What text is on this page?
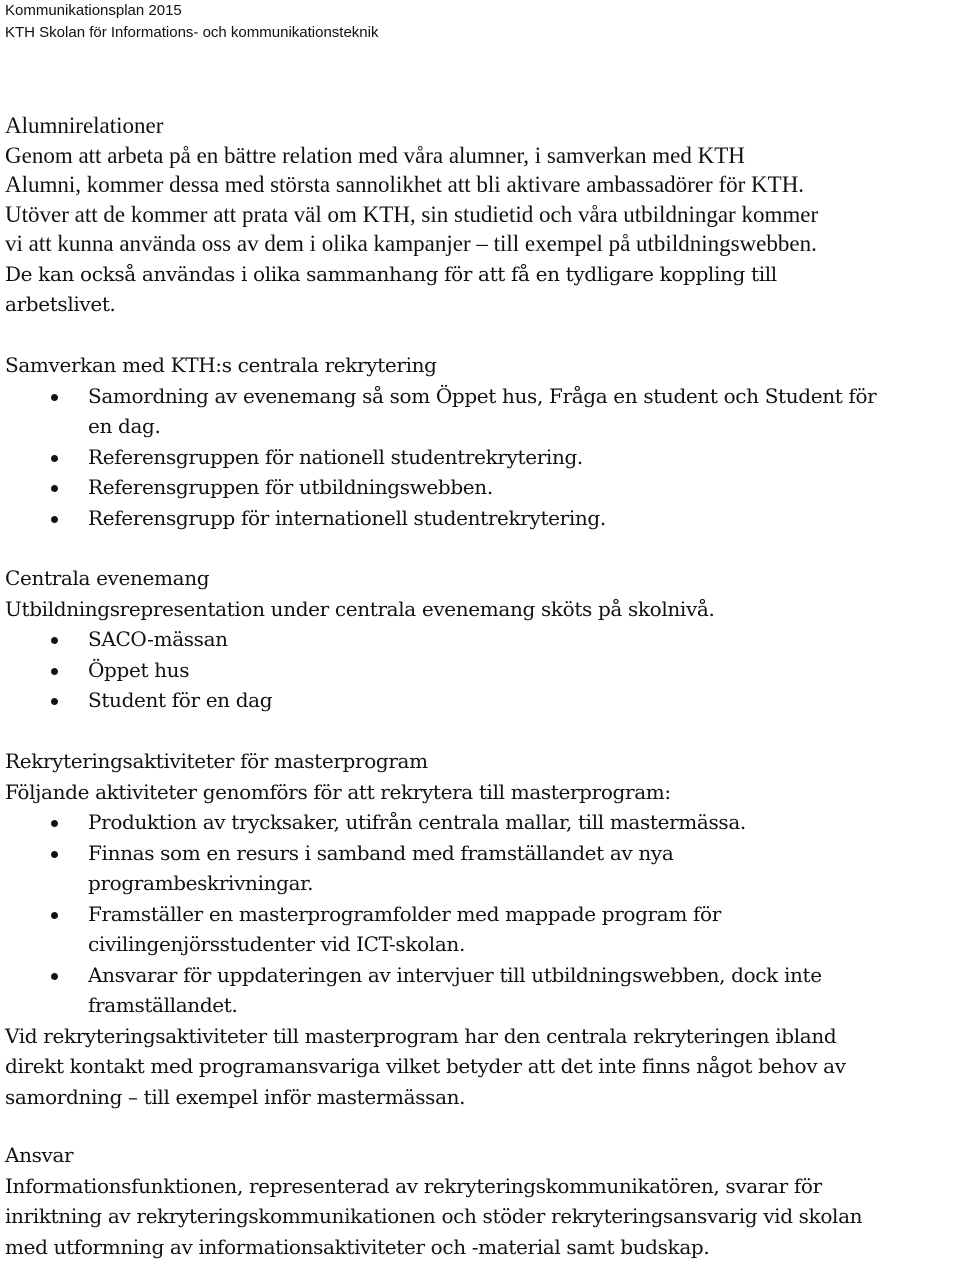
Kommunikationsplan 2015
KTH Skolan för Informations- och kommunikationsteknik
Alumnirelationer
Genom att arbeta på en bättre relation med våra alumner, i samverkan med KTH
Alumni, kommer dessa med största sannolikhet att bli aktivare ambassadörer för KTH.
Utöver att de kommer att prata väl om KTH, sin studietid och våra utbildningar kommer
vi att kunna använda oss av dem i olika kampanjer – till exempel på utbildningswebben.
De kan också användas i olika sammanhang för att få en tydligare koppling till
arbetslivet.
Samverkan med KTH:s centrala rekrytering
Samordning av evenemang så som Öppet hus, Fråga en student och Student för
en dag.
Referensgruppen för nationell studentrekrytering.
Referensgruppen för utbildningswebben.
Referensgrupp för internationell studentrekrytering.
Centrala evenemang
Utbildningsrepresentation under centrala evenemang sköts på skolnivå.
SACO-mässan
Öppet hus
Student för en dag
Rekryteringsaktiviteter för masterprogram
Följande aktiviteter genomförs för att rekrytera till masterprogram:
Produktion av trycksaker, utifrån centrala mallar, till mastermässa.
Finnas som en resurs i samband med framställandet av nya
programbeskrivningar.
Framställer en masterprogramfolder med mappade program för
civilingenjörsstudenter vid ICT-skolan.
Ansvarar för uppdateringen av intervjuer till utbildningswebben, dock inte
framställandet.
Vid rekryteringsaktiviteter till masterprogram har den centrala rekryteringen ibland
direkt kontakt med programansvariga vilket betyder att det inte finns något behov av
samordning – till exempel inför mastermässan.
Ansvar
Informationsfunktionen, representerad av rekryteringskommunikatören, svarar för
inriktning av rekryteringskommunikationen och stöder rekryteringsansvarig vid skolan
med utformning av informationsaktiviteter och -material samt budskap.
